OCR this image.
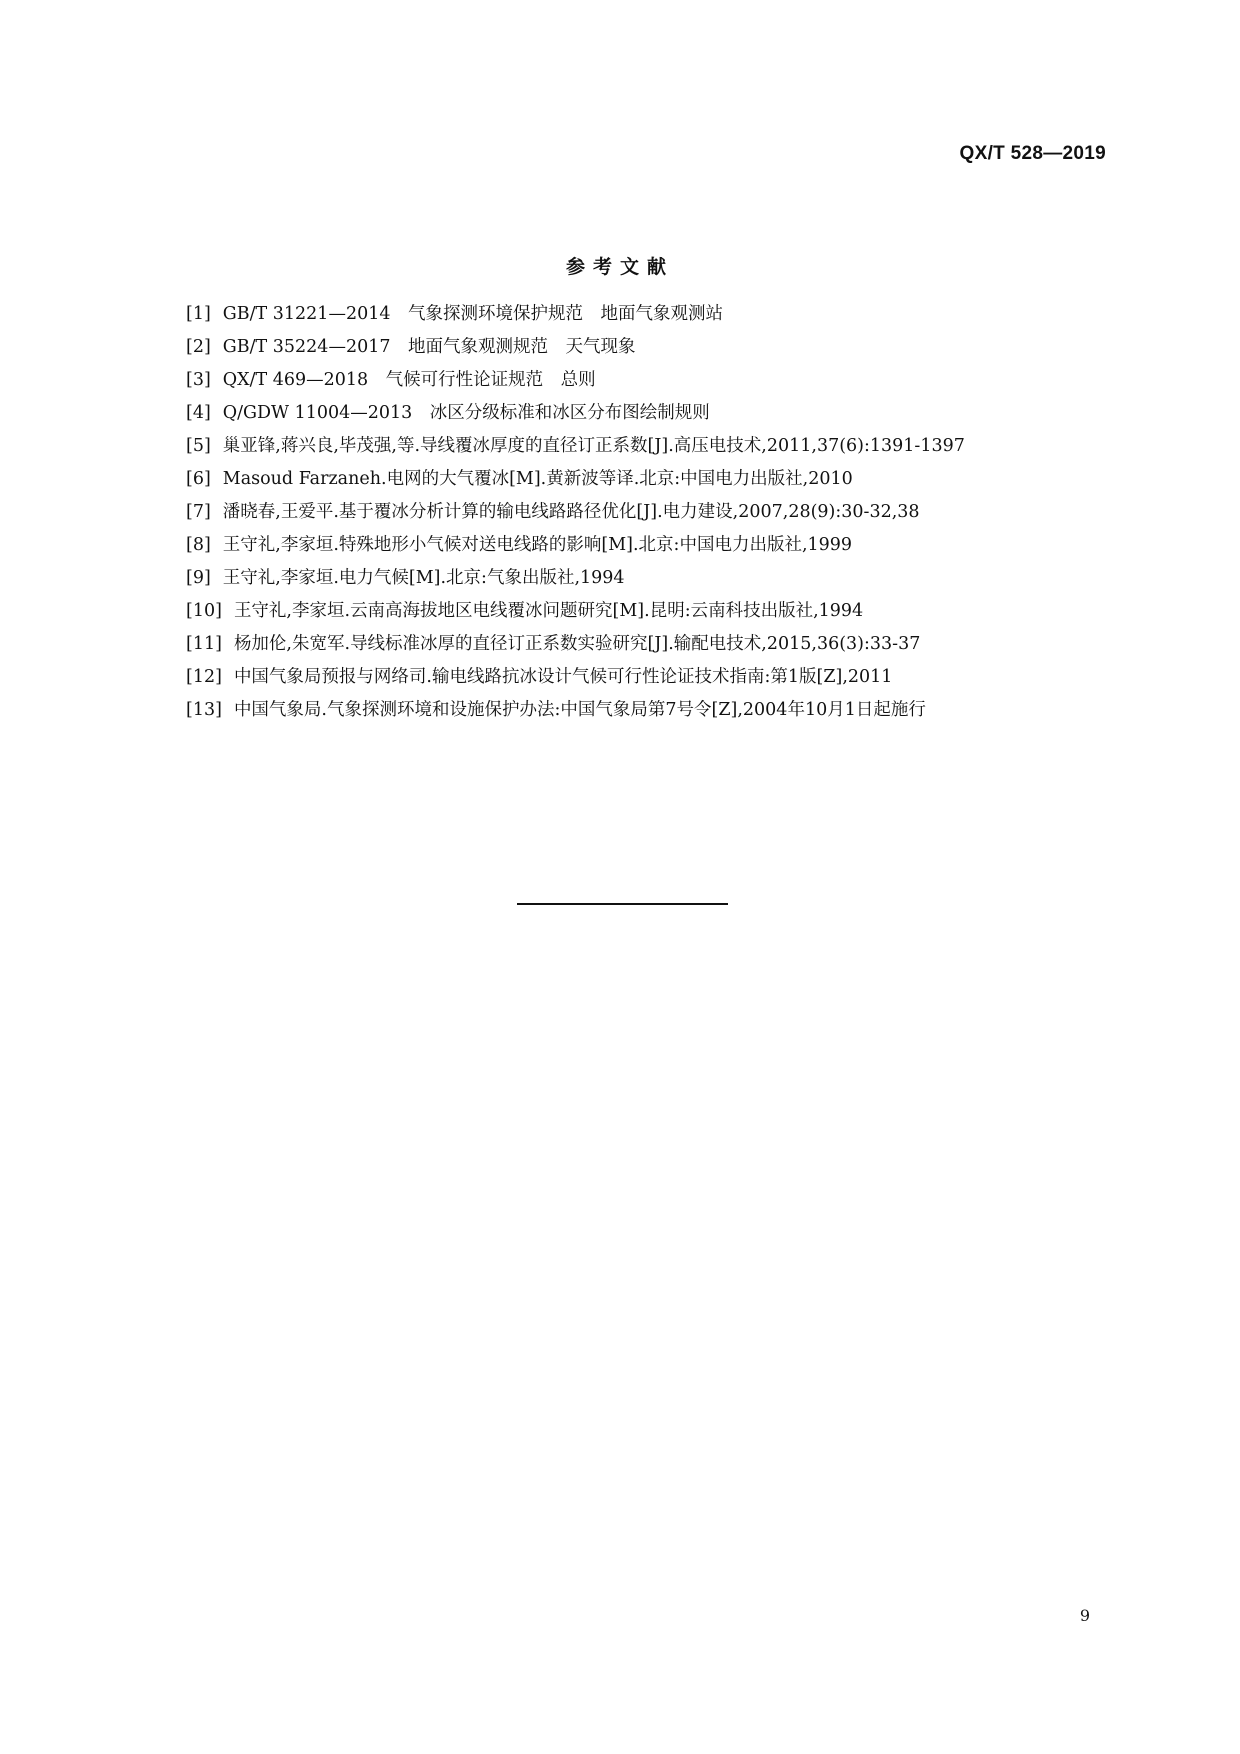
QX/T 528—2019
参考文献

[1] GB/T 31221—2014　气象探测环境保护规范　地面气象观测站

[2] GB/T 35224—2017　地面气象观测规范　天气现象

[3] QX/T 469—2018　气候可行性论证规范　总则

[4] Q/GDW 11004—2013　冰区分级标准和冰区分布图绘制规则

[5] 巢亚锋,蒋兴良,毕茂强,等.导线覆冰厚度的直径订正系数[J].高压电技术,2011,37(6):1391-1397

[6] Masoud Farzaneh.电网的大气覆冰[M].黄新波等译.北京:中国电力出版社,2010

[7] 潘晓春,王爱平.基于覆冰分析计算的输电线路路径优化[J].电力建设,2007,28(9):30-32,38

[8] 王守礼,李家垣.特殊地形小气候对送电线路的影响[M].北京:中国电力出版社,1999

[9] 王守礼,李家垣.电力气候[M].北京:气象出版社,1994

[10] 王守礼,李家垣.云南高海拔地区电线覆冰问题研究[M].昆明:云南科技出版社,1994

[11] 杨加伦,朱宽军.导线标准冰厚的直径订正系数实验研究[J].输配电技术,2015,36(3):33-37

[12] 中国气象局预报与网络司.输电线路抗冰设计气候可行性论证技术指南:第1版[Z],2011

[13] 中国气象局.气象探测环境和设施保护办法:中国气象局第7号令[Z],2004年10月1日起施行

9
